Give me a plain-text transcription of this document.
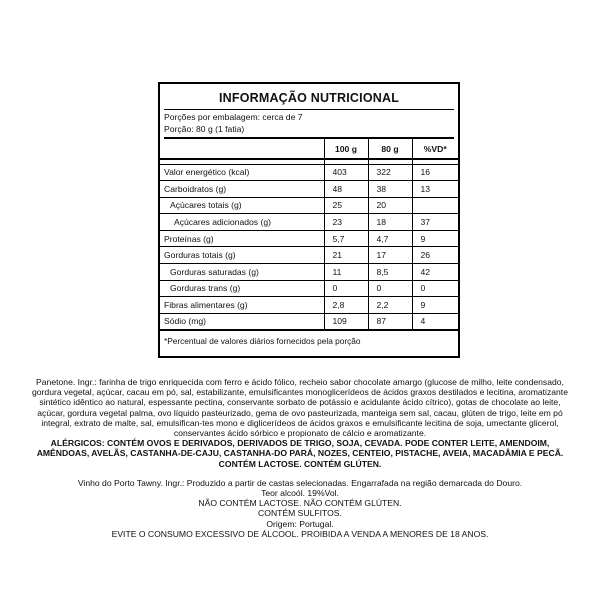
INFORMAÇÃO NUTRICIONAL
Porções por embalagem: cerca de 7
Porção: 80 g (1 fatia)
	100 g	80 g	%VD*

Valor energético (kcal)	403	322	16
Carboidratos (g)	48	38	13
Açúcares totais (g)	25	20	
Açúcares adicionados (g)	23	18	37
Proteínas (g)	5,7	4,7	9
Gorduras totais (g)	21	17	26
Gorduras saturadas (g)	11	8,5	42
Gorduras trans (g)	0	0	0
Fibras alimentares (g)	2,8	2,2	9
Sódio (mg)	109	87	4
*Percentual de valores diários fornecidos pela porção

Panetone. Ingr.: farinha de trigo enriquecida com ferro e ácido fólico, recheio sabor chocolate amargo (glucose de milho, leite condensado, gordura vegetal, açúcar, cacau em pó, sal, estabilizante, emulsificantes monoglicerídeos de ácidos graxos destilados e lecitina, aromatizante sintético idêntico ao natural, espessante pectina, conservante sorbato de potássio e acidulante ácido cítrico), gotas de chocolate ao leite, açúcar, gordura vegetal palma, ovo líquido pasteurizado, gema de ovo pasteurizada, manteiga sem sal, cacau, glúten de trigo, leite em pó integral, extrato de malte, sal, emulsifican-tes mono e diglicerídeos de ácidos graxos e emulsificante lecitina de soja, umectante glicerol, conservantes ácido sórbico e propionato de cálcio e aromatizante.

ALÉRGICOS: CONTÉM OVOS E DERIVADOS, DERIVADOS DE TRIGO, SOJA, CEVADA. PODE CONTER LEITE, AMENDOIM, AMÊNDOAS, AVELÃS, CASTANHA-DE-CAJU, CASTANHA-DO PARÁ, NOZES, CENTEIO, PISTACHE, AVEIA, MACADÂMIA E PECÃ.

CONTÉM LACTOSE. CONTÉM GLÚTEN.

Vinho do Porto Tawny. Ingr.: Produzido a partir de castas selecionadas. Engarrafada na região demarcada do Douro.

Teor alcoól. 19%Vol.

NÃO CONTÉM LACTOSE. NÃO CONTÉM GLÚTEN.

CONTÉM SULFITOS.

Origem: Portugal.

EVITE O CONSUMO EXCESSIVO DE ÁLCOOL. PROIBIDA A VENDA A MENORES DE 18 ANOS.
